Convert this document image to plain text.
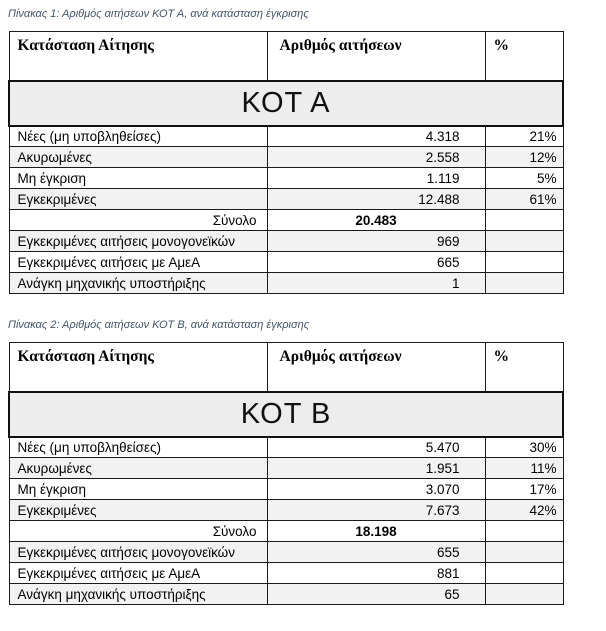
Πίνακας 1: Αριθμός αιτήσεων ΚΟΤ Α, ανά κατάσταση έγκρισης
Κατάσταση Αίτησης	Αριθμός αιτήσεων	%
ΚΟΤ Α		
Νέες (μη υποβληθείσες)	4.318	21%
Ακυρωμένες	2.558	12%
Μη έγκριση	1.119	5%
Εγκεκριμένες	12.488	61%
Σύνολο	20.483	
Εγκεκριμένες αιτήσεις μονογονεϊκών	969	
Εγκεκριμένες αιτήσεις με ΑμεΑ	665	
Ανάγκη μηχανικής υποστήριξης	1	
Πίνακας 2: Αριθμός αιτήσεων ΚΟΤ Β, ανά κατάσταση έγκρισης
Κατάσταση Αίτησης	Αριθμός αιτήσεων	%
ΚΟΤ Β		
Νέες (μη υποβληθείσες)	5.470	30%
Ακυρωμένες	1.951	11%
Μη έγκριση	3.070	17%
Εγκεκριμένες	7.673	42%
Σύνολο	18.198	
Εγκεκριμένες αιτήσεις μονογονεϊκών	655	
Εγκεκριμένες αιτήσεις με ΑμεΑ	881	
Ανάγκη μηχανικής υποστήριξης	65	
